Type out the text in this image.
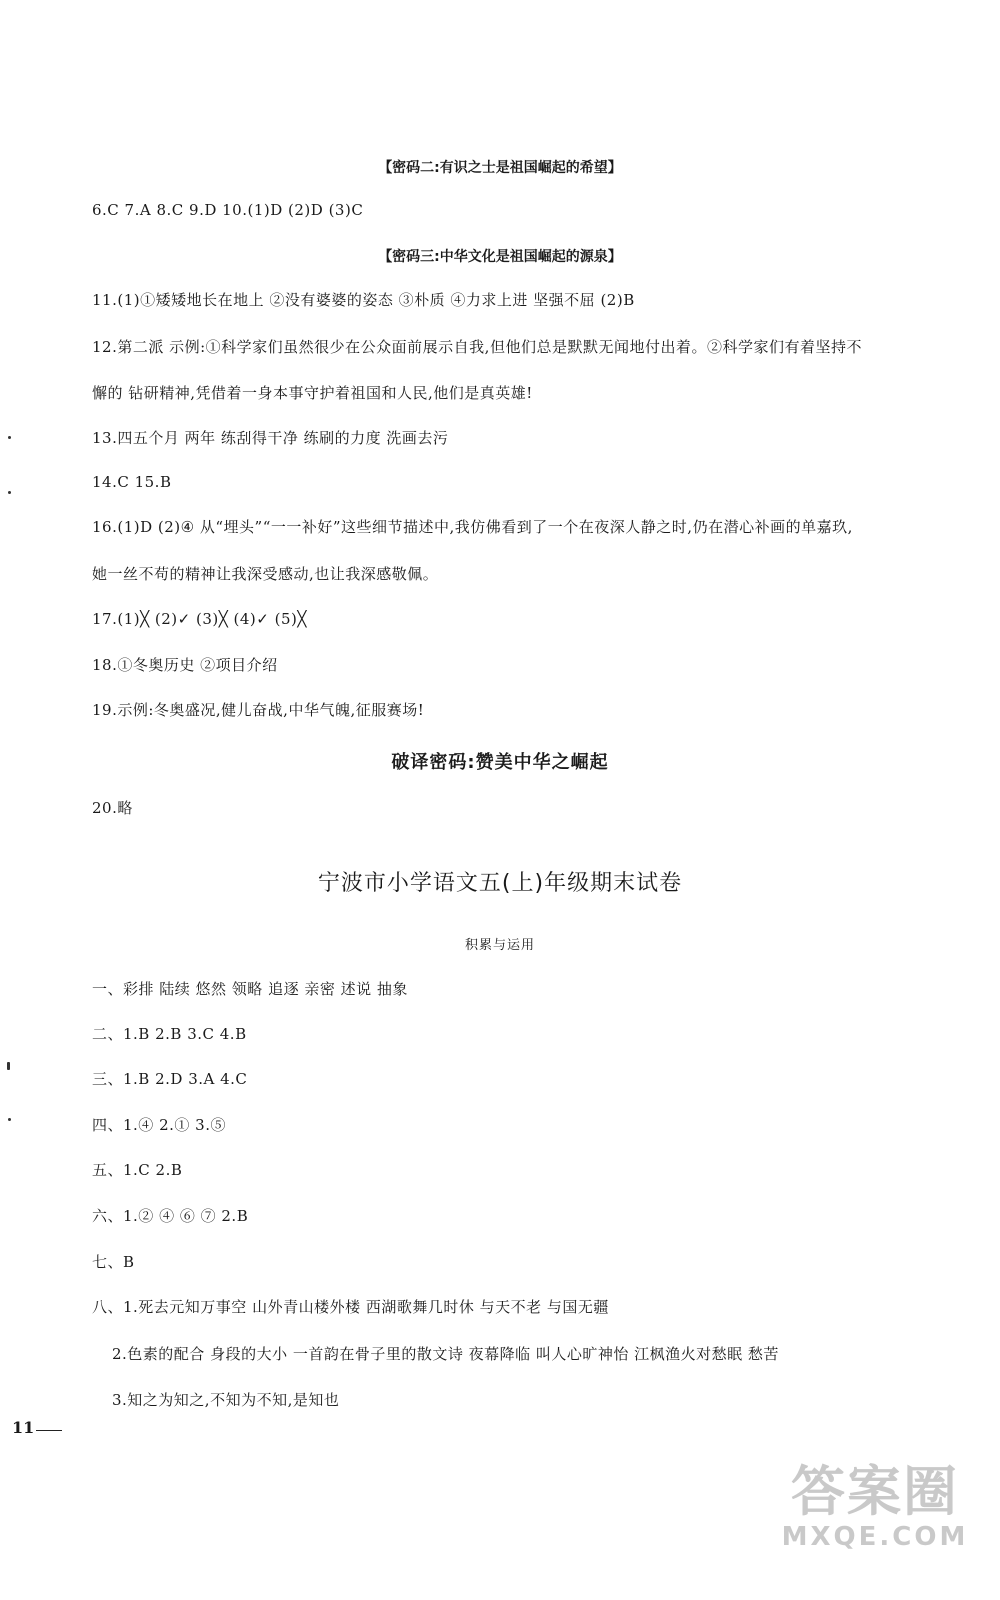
【密码二:有识之士是祖国崛起的希望】
6.C 7.A 8.C 9.D 10.(1)D (2)D (3)C
【密码三:中华文化是祖国崛起的源泉】
11.(1)①矮矮地长在地上 ②没有婆婆的姿态 ③朴质 ④力求上进 坚强不屈 (2)B
12.第二派 示例:①科学家们虽然很少在公众面前展示自我,但他们总是默默无闻地付出着。②科学家们有着坚持不
懈的 钻研精神,凭借着一身本事守护着祖国和人民,他们是真英雄!
13.四五个月 两年 练刮得干净 练刷的力度 洗画去污
14.C 15.B
16.(1)D (2)④ 从“埋头”“一一补好”这些细节描述中,我仿佛看到了一个在夜深人静之时,仍在潜心补画的单嘉玖,
她一丝不苟的精神让我深受感动,也让我深感敬佩。
17.(1)╳ (2)✓ (3)╳ (4)✓ (5)╳
18.①冬奥历史 ②项目介绍
19.示例:冬奥盛况,健儿奋战,中华气魄,征服赛场!
破译密码:赞美中华之崛起
20.略
宁波市小学语文五(上)年级期末试卷
积累与运用
一、彩排 陆续 悠然 领略 追逐 亲密 述说 抽象
二、1.B 2.B 3.C 4.B
三、1.B 2.D 3.A 4.C
四、1.④ 2.① 3.⑤
五、1.C 2.B
六、1.② ④ ⑥ ⑦ 2.B
七、B
八、1.死去元知万事空 山外青山楼外楼 西湖歌舞几时休 与天不老 与国无疆
2.色素的配合 身段的大小 一首韵在骨子里的散文诗 夜幕降临 叫人心旷神怡 江枫渔火对愁眠 愁苦
3.知之为知之,不知为不知,是知也
11
答案圈
MXQE.COM
